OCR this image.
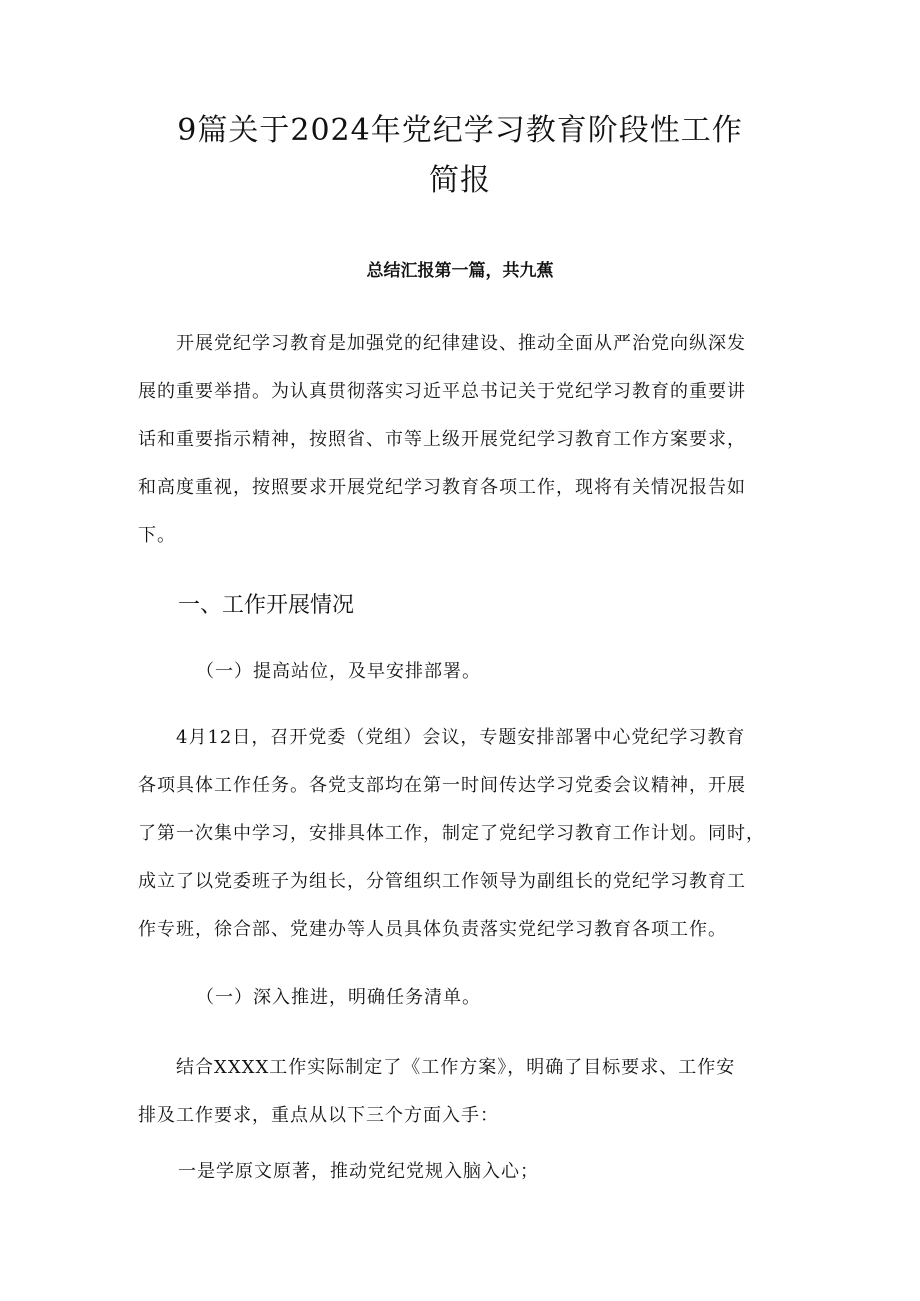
9篇关于2024年党纪学习教育阶段性工作
简报
总结汇报第一篇，共九蕉
　　开展党纪学习教育是加强党的纪律建设、推动全面从严治党向纵深发
展的重要举措。为认真贯彻落实习近平总书记关于党纪学习教育的重要讲
话和重要指示精神，按照省、市等上级开展党纪学习教育工作方案要求，
和高度重视，按照要求开展党纪学习教育各项工作，现将有关情况报告如
下。
一、工作开展情况
（一）提高站位，及早安排部署。
　　4月12日，召开党委（党组）会议，专题安排部署中心党纪学习教育
各项具体工作任务。各党支部均在第一时间传达学习党委会议精神，开展
了第一次集中学习，安排具体工作，制定了党纪学习教育工作计划。同时，
成立了以党委班子为组长，分管组织工作领导为副组长的党纪学习教育工
作专班，徐合部、党建办等人员具体负责落实党纪学习教育各项工作。
（一）深入推进，明确任务清单。
　　结合XXXX工作实际制定了《工作方案》，明确了目标要求、工作安
排及工作要求，重点从以下三个方面入手：
一是学原文原著，推动党纪党规入脑入心；
